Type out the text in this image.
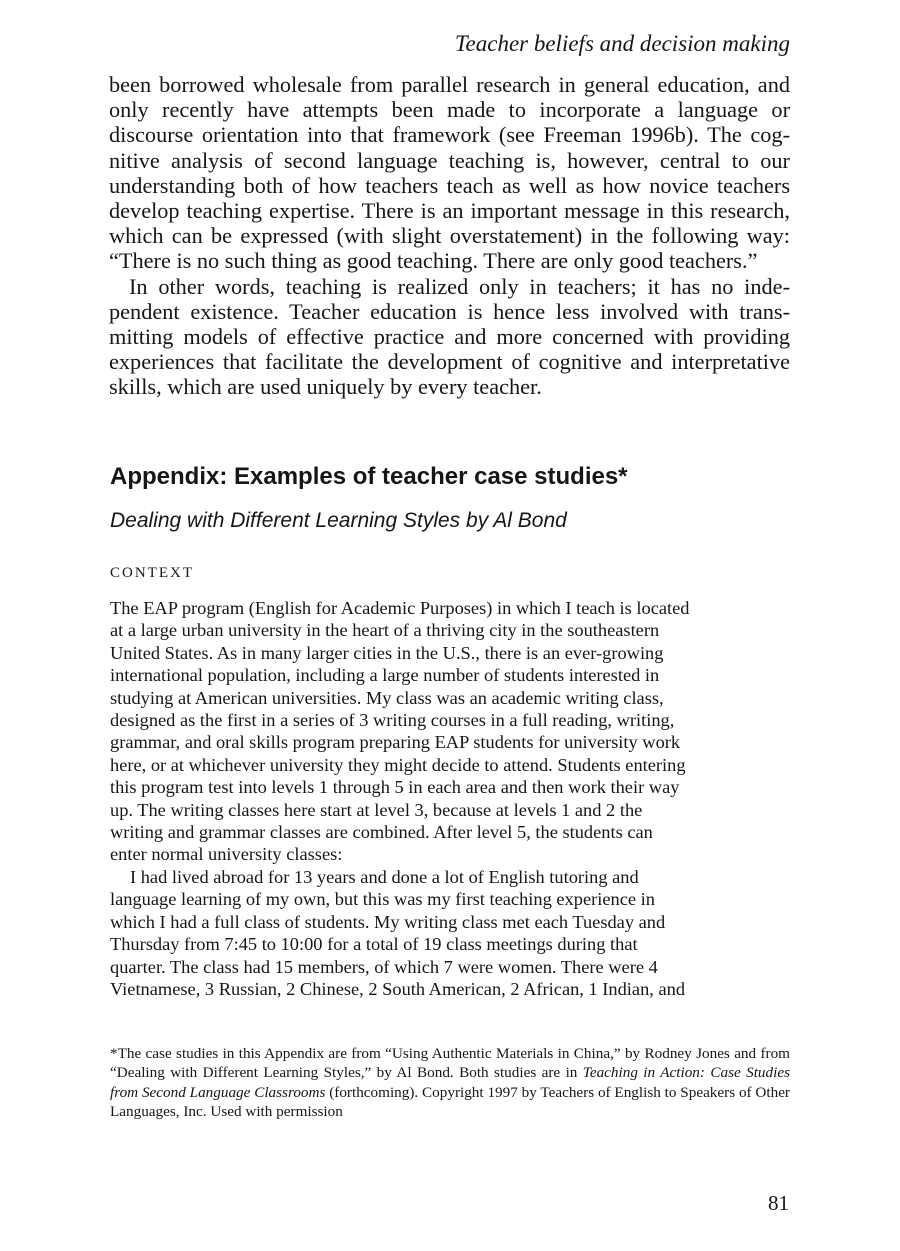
Teacher beliefs and decision making

been borrowed wholesale from parallel research in general education, and only recently have attempts been made to incorporate a language or discourse orientation into that framework (see Freeman 1996b). The cognitive analysis of second language teaching is, however, central to our understanding both of how teachers teach as well as how novice teachers develop teaching expertise. There is an important message in this research, which can be expressed (with slight overstatement) in the following way: “There is no such thing as good teaching. There are only good teachers.”

In other words, teaching is realized only in teachers; it has no independent existence. Teacher education is hence less involved with transmitting models of effective practice and more concerned with providing experiences that facilitate the development of cognitive and interpretative skills, which are used uniquely by every teacher.

Appendix: Examples of teacher case studies*
Dealing with Different Learning Styles by Al Bond
CONTEXT

The EAP program (English for Academic Purposes) in which I teach is located
at a large urban university in the heart of a thriving city in the southeastern
United States. As in many larger cities in the U.S., there is an ever-growing
international population, including a large number of students interested in
studying at American universities. My class was an academic writing class,
designed as the first in a series of 3 writing courses in a full reading, writing,
grammar, and oral skills program preparing EAP students for university work
here, or at whichever university they might decide to attend. Students entering
this program test into levels 1 through 5 in each area and then work their way
up. The writing classes here start at level 3, because at levels 1 and 2 the
writing and grammar classes are combined. After level 5, the students can
enter normal university classes:

I had lived abroad for 13 years and done a lot of English tutoring and
language learning of my own, but this was my first teaching experience in
which I had a full class of students. My writing class met each Tuesday and
Thursday from 7:45 to 10:00 for a total of 19 class meetings during that
quarter. The class had 15 members, of which 7 were women. There were 4
Vietnamese, 3 Russian, 2 Chinese, 2 South American, 2 African, 1 Indian, and

*The case studies in this Appendix are from “Using Authentic Materials in China,” by Rodney Jones and from “Dealing with Different Learning Styles,” by Al Bond. Both studies are in Teaching in Action: Case Studies from Second Language Classrooms (forthcoming). Copyright 1997 by Teachers of English to Speakers of Other Languages, Inc. Used with permission
81
